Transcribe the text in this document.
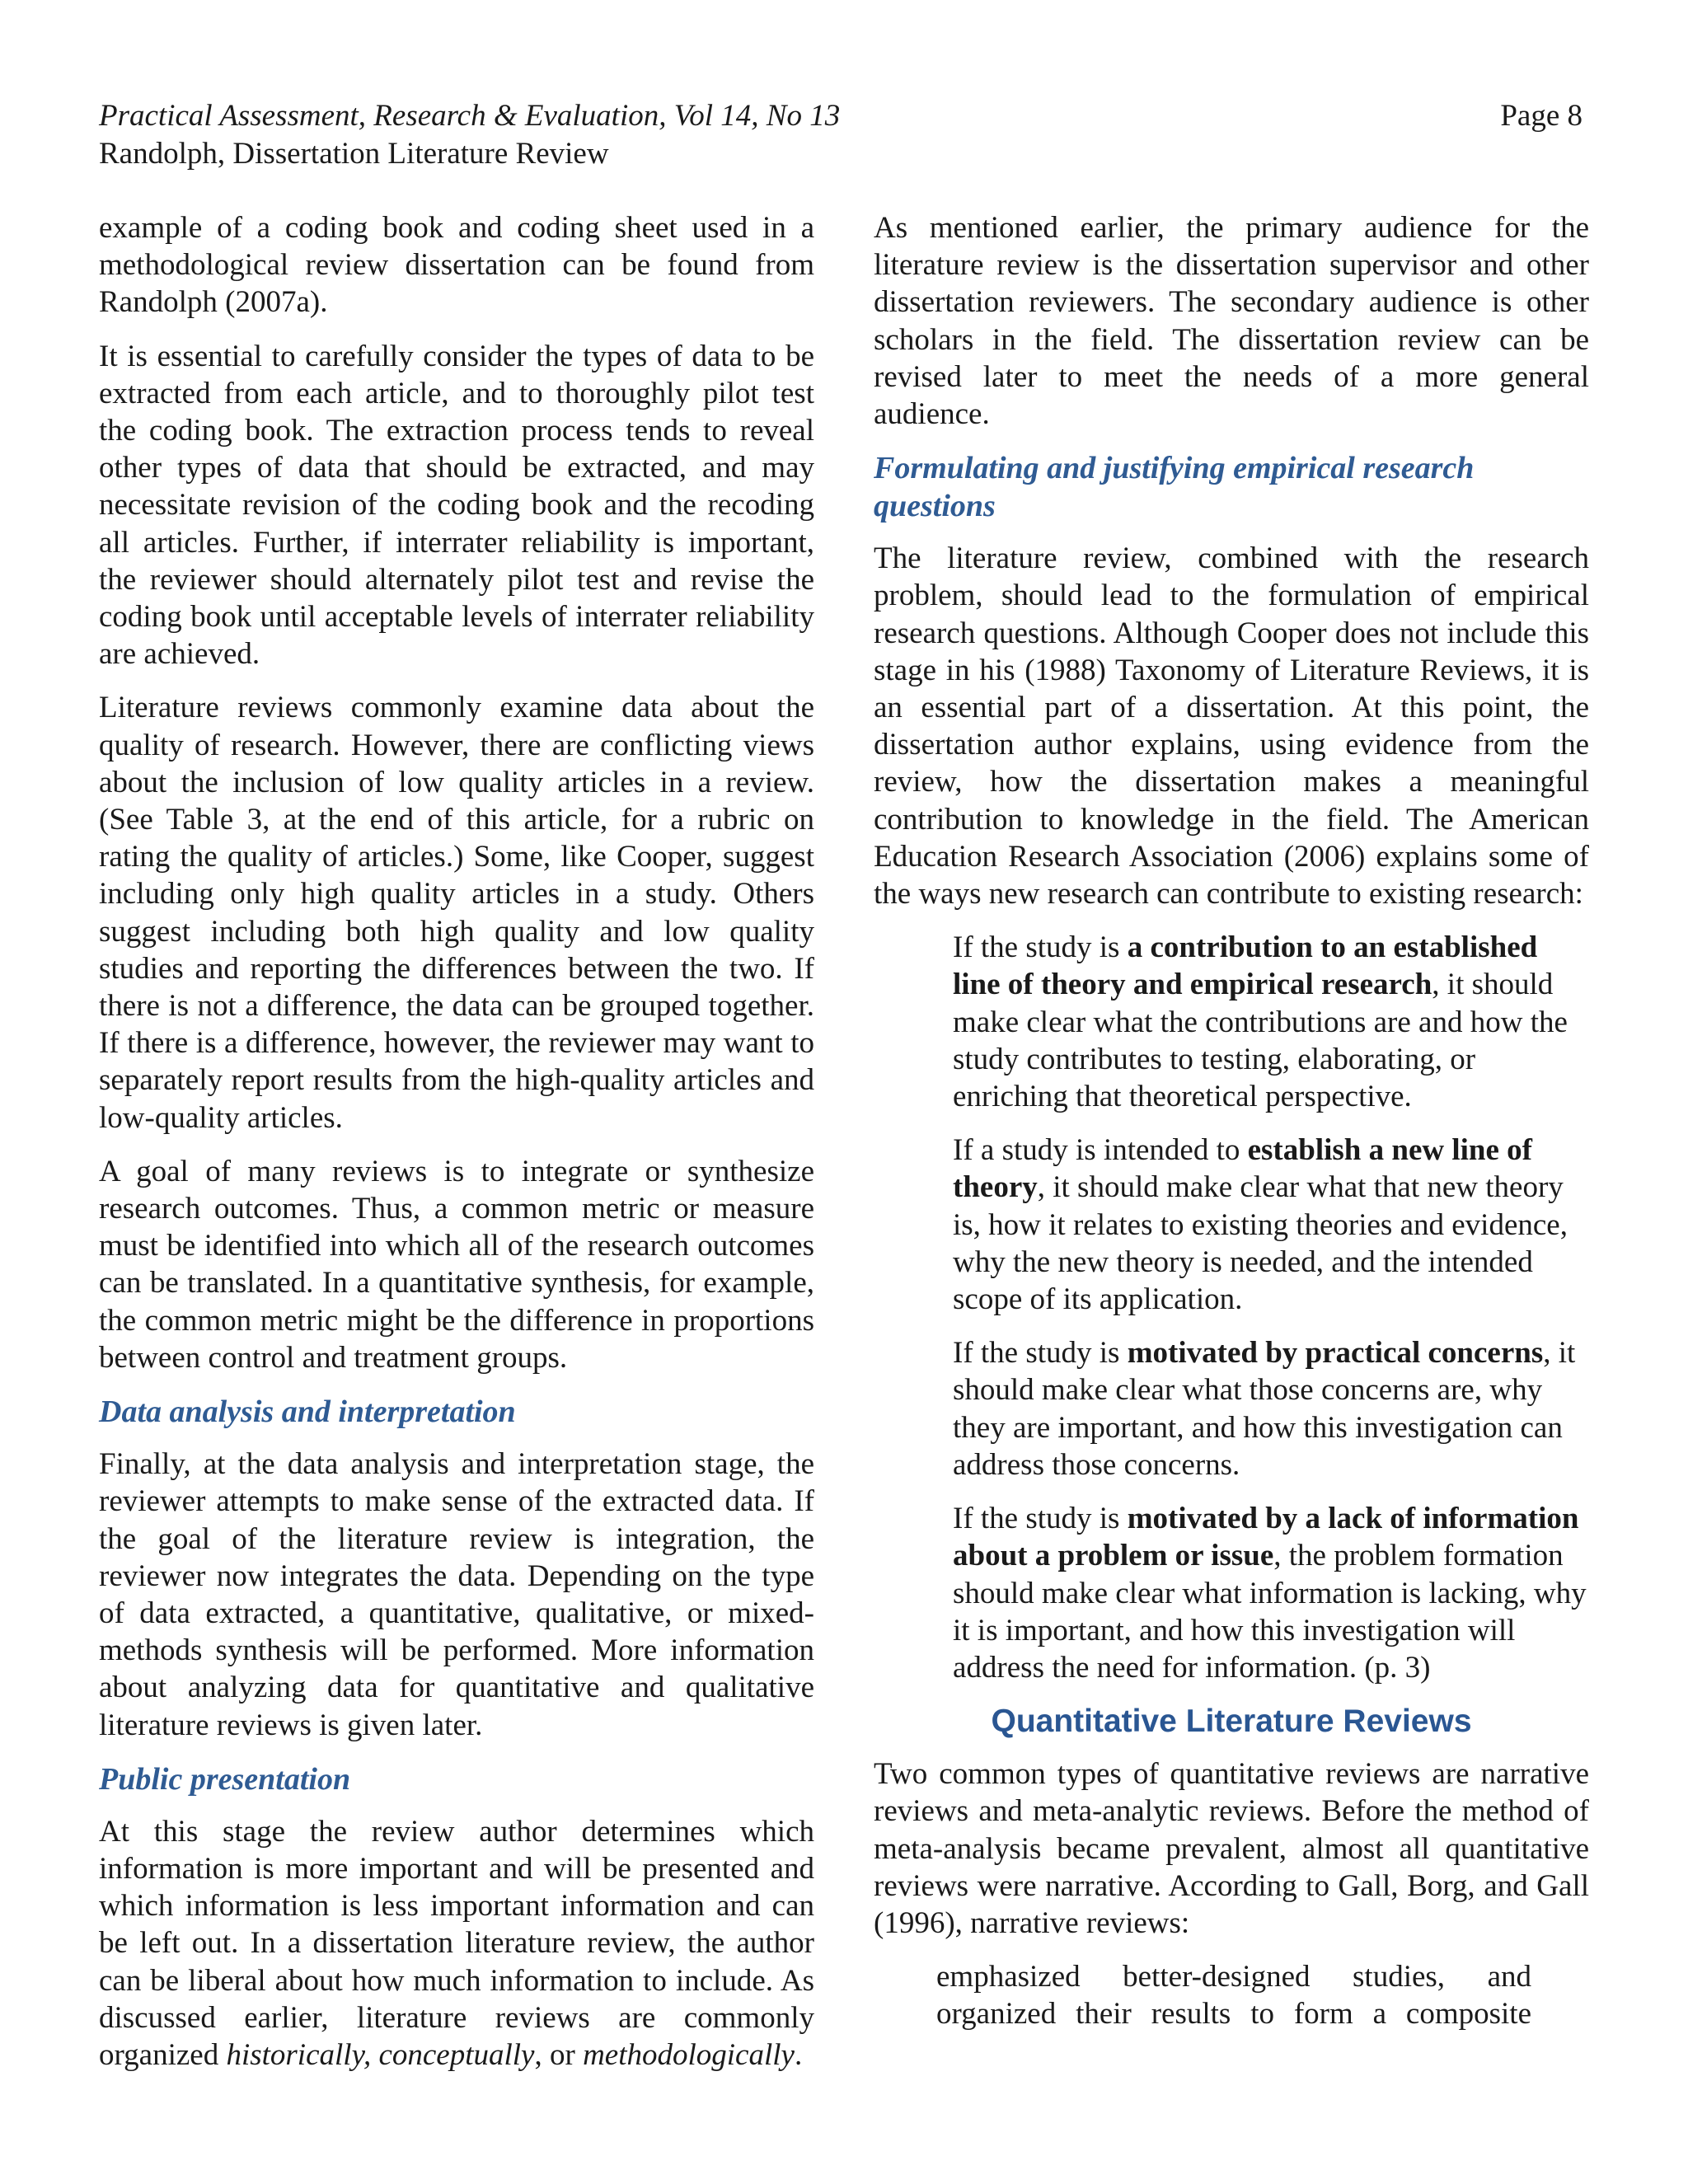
Practical Assessment, Research & Evaluation, Vol 14, No 13
Randolph, Dissertation Literature Review
Page 8

example of a coding book and coding sheet used in a methodological review dissertation can be found from Randolph (2007a).

It is essential to carefully consider the types of data to be extracted from each article, and to thoroughly pilot test the coding book. The extraction process tends to reveal other types of data that should be extracted, and may necessitate revision of the coding book and the recoding all articles. Further, if interrater reliability is important, the reviewer should alternately pilot test and revise the coding book until acceptable levels of interrater reliability are achieved.

Literature reviews commonly examine data about the quality of research. However, there are conflicting views about the inclusion of low quality articles in a review. (See Table 3, at the end of this article, for a rubric on rating the quality of articles.) Some, like Cooper, suggest including only high quality articles in a study. Others suggest including both high quality and low quality studies and reporting the differences between the two. If there is not a difference, the data can be grouped together. If there is a difference, however, the reviewer may want to separately report results from the high-quality articles and low-quality articles.

A goal of many reviews is to integrate or synthesize research outcomes. Thus, a common metric or measure must be identified into which all of the research outcomes can be translated. In a quantitative synthesis, for example, the common metric might be the difference in proportions between control and treatment groups.

Data analysis and interpretation

Finally, at the data analysis and interpretation stage, the reviewer attempts to make sense of the extracted data. If the goal of the literature review is integration, the reviewer now integrates the data. Depending on the type of data extracted, a quantitative, qualitative, or mixed-methods synthesis will be performed. More information about analyzing data for quantitative and qualitative literature reviews is given later.

Public presentation

At this stage the review author determines which information is more important and will be presented and which information is less important information and can be left out. In a dissertation literature review, the author can be liberal about how much information to include. As discussed earlier, literature reviews are commonly organized historically, conceptually, or methodologically.

As mentioned earlier, the primary audience for the literature review is the dissertation supervisor and other dissertation reviewers. The secondary audience is other scholars in the field. The dissertation review can be revised later to meet the needs of a more general audience.

Formulating and justifying empirical research questions

The literature review, combined with the research problem, should lead to the formulation of empirical research questions. Although Cooper does not include this stage in his (1988) Taxonomy of Literature Reviews, it is an essential part of a dissertation. At this point, the dissertation author explains, using evidence from the review, how the dissertation makes a meaningful contribution to knowledge in the field. The American Education Research Association (2006) explains some of the ways new research can contribute to existing research:

If the study is a contribution to an established line of theory and empirical research, it should make clear what the contributions are and how the study contributes to testing, elaborating, or enriching that theoretical perspective.

If a study is intended to establish a new line of theory, it should make clear what that new theory is, how it relates to existing theories and evidence, why the new theory is needed, and the intended scope of its application.

If the study is motivated by practical concerns, it should make clear what those concerns are, why they are important, and how this investigation can address those concerns.

If the study is motivated by a lack of information about a problem or issue, the problem formation should make clear what information is lacking, why it is important, and how this investigation will address the need for information. (p. 3)

Quantitative Literature Reviews

Two common types of quantitative reviews are narrative reviews and meta-analytic reviews. Before the method of meta-analysis became prevalent, almost all quantitative reviews were narrative. According to Gall, Borg, and Gall (1996), narrative reviews:

emphasized better-designed studies, and organized their results to form a composite
